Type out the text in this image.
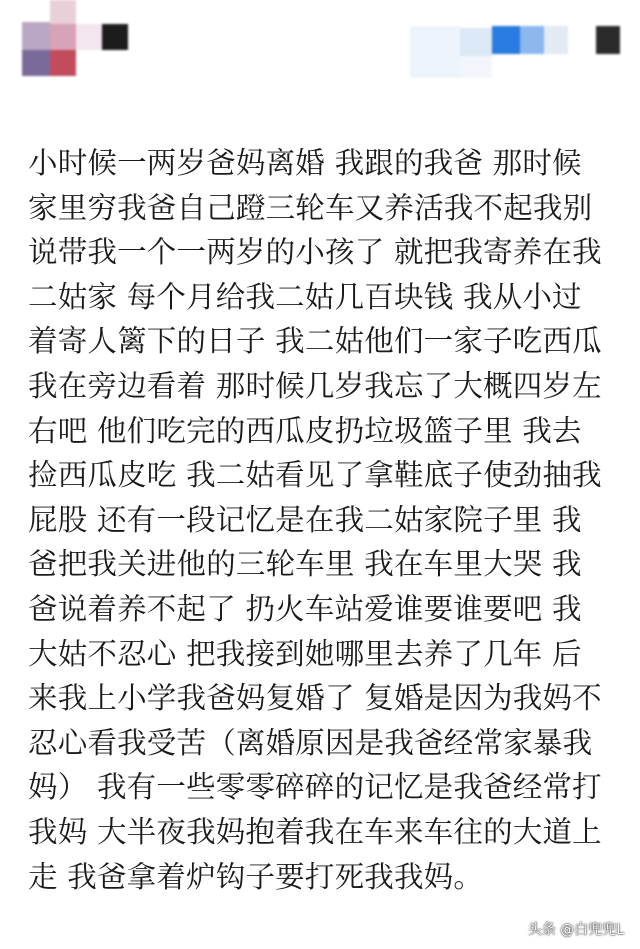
小时候一两岁爸妈离婚 我跟的我爸 那时候
家里穷我爸自己蹬三轮车又养活我不起我别
说带我一个一两岁的小孩了 就把我寄养在我
二姑家 每个月给我二姑几百块钱 我从小过
着寄人篱下的日子 我二姑他们一家子吃西瓜
我在旁边看着 那时候几岁我忘了大概四岁左
右吧 他们吃完的西瓜皮扔垃圾篮子里 我去
捡西瓜皮吃 我二姑看见了拿鞋底子使劲抽我
屁股 还有一段记忆是在我二姑家院子里 我
爸把我关进他的三轮车里 我在车里大哭 我
爸说着养不起了 扔火车站爱谁要谁要吧 我
大姑不忍心 把我接到她哪里去养了几年 后
来我上小学我爸妈复婚了 复婚是因为我妈不
忍心看我受苦（离婚原因是我爸经常家暴我
妈） 我有一些零零碎碎的记忆是我爸经常打
我妈 大半夜我妈抱着我在车来车往的大道上
走 我爸拿着炉钩子要打死我我妈。
头条 @白兜兜L
